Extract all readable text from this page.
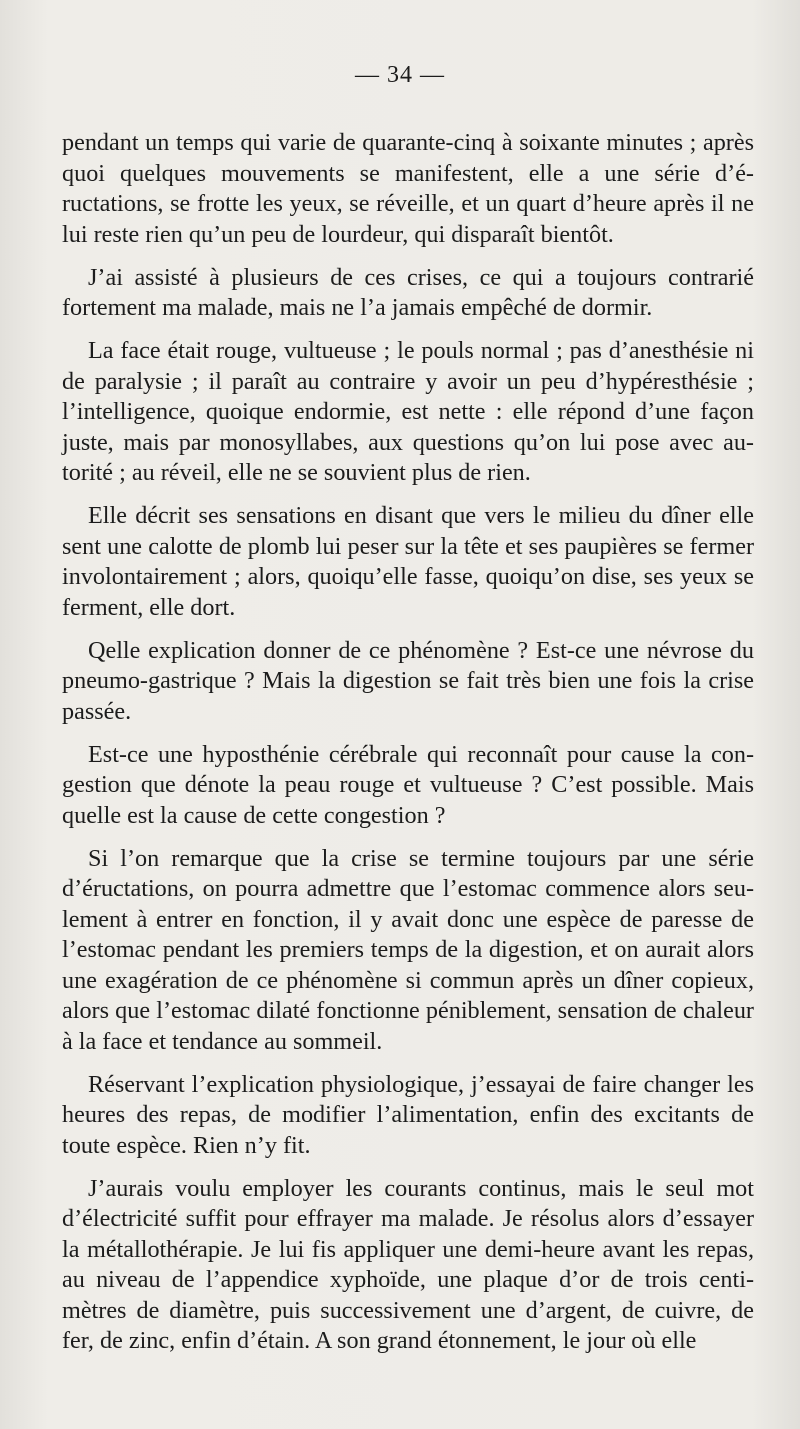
— 34 —

pendant un temps qui varie de quarante-cinq à soixante minutes ; après quoi quelques mouvements se manifestent, elle a une série d’é-ructations, se frotte les yeux, se réveille, et un quart d’heure après il ne lui reste rien qu’un peu de lourdeur, qui disparaît bientôt.

J’ai assisté à plusieurs de ces crises, ce qui a toujours contrarié fortement ma malade, mais ne l’a jamais empêché de dormir.

La face était rouge, vultueuse ; le pouls normal ; pas d’anesthésie ni de paralysie ; il paraît au contraire y avoir un peu d’hypéresthésie ; l’intelligence, quoique endormie, est nette : elle répond d’une façon juste, mais par monosyllabes, aux questions qu’on lui pose avec au-torité ; au réveil, elle ne se souvient plus de rien.

Elle décrit ses sensations en disant que vers le milieu du dîner elle sent une calotte de plomb lui peser sur la tête et ses paupières se fermer involontairement ; alors, quoiqu’elle fasse, quoiqu’on dise, ses yeux se ferment, elle dort.

Qelle explication donner de ce phénomène ? Est-ce une névrose du pneumo-gastrique ? Mais la digestion se fait très bien une fois la crise passée.

Est-ce une hyposthénie cérébrale qui reconnaît pour cause la con-gestion que dénote la peau rouge et vultueuse ? C’est possible. Mais quelle est la cause de cette congestion ?

Si l’on remarque que la crise se termine toujours par une série d’éructations, on pourra admettre que l’estomac commence alors seu-lement à entrer en fonction, il y avait donc une espèce de paresse de l’estomac pendant les premiers temps de la digestion, et on aurait alors une exagération de ce phénomène si commun après un dîner copieux, alors que l’estomac dilaté fonctionne péniblement, sensation de chaleur à la face et tendance au sommeil.

Réservant l’explication physiologique, j’essayai de faire changer les heures des repas, de modifier l’alimentation, enfin des excitants de toute espèce. Rien n’y fit.

J’aurais voulu employer les courants continus, mais le seul mot d’électricité suffit pour effrayer ma malade. Je résolus alors d’essayer la métallothérapie. Je lui fis appliquer une demi-heure avant les repas, au niveau de l’appendice xyphoïde, une plaque d’or de trois centi-mètres de diamètre, puis successivement une d’argent, de cuivre, de fer, de zinc, enfin d’étain. A son grand étonnement, le jour où elle
